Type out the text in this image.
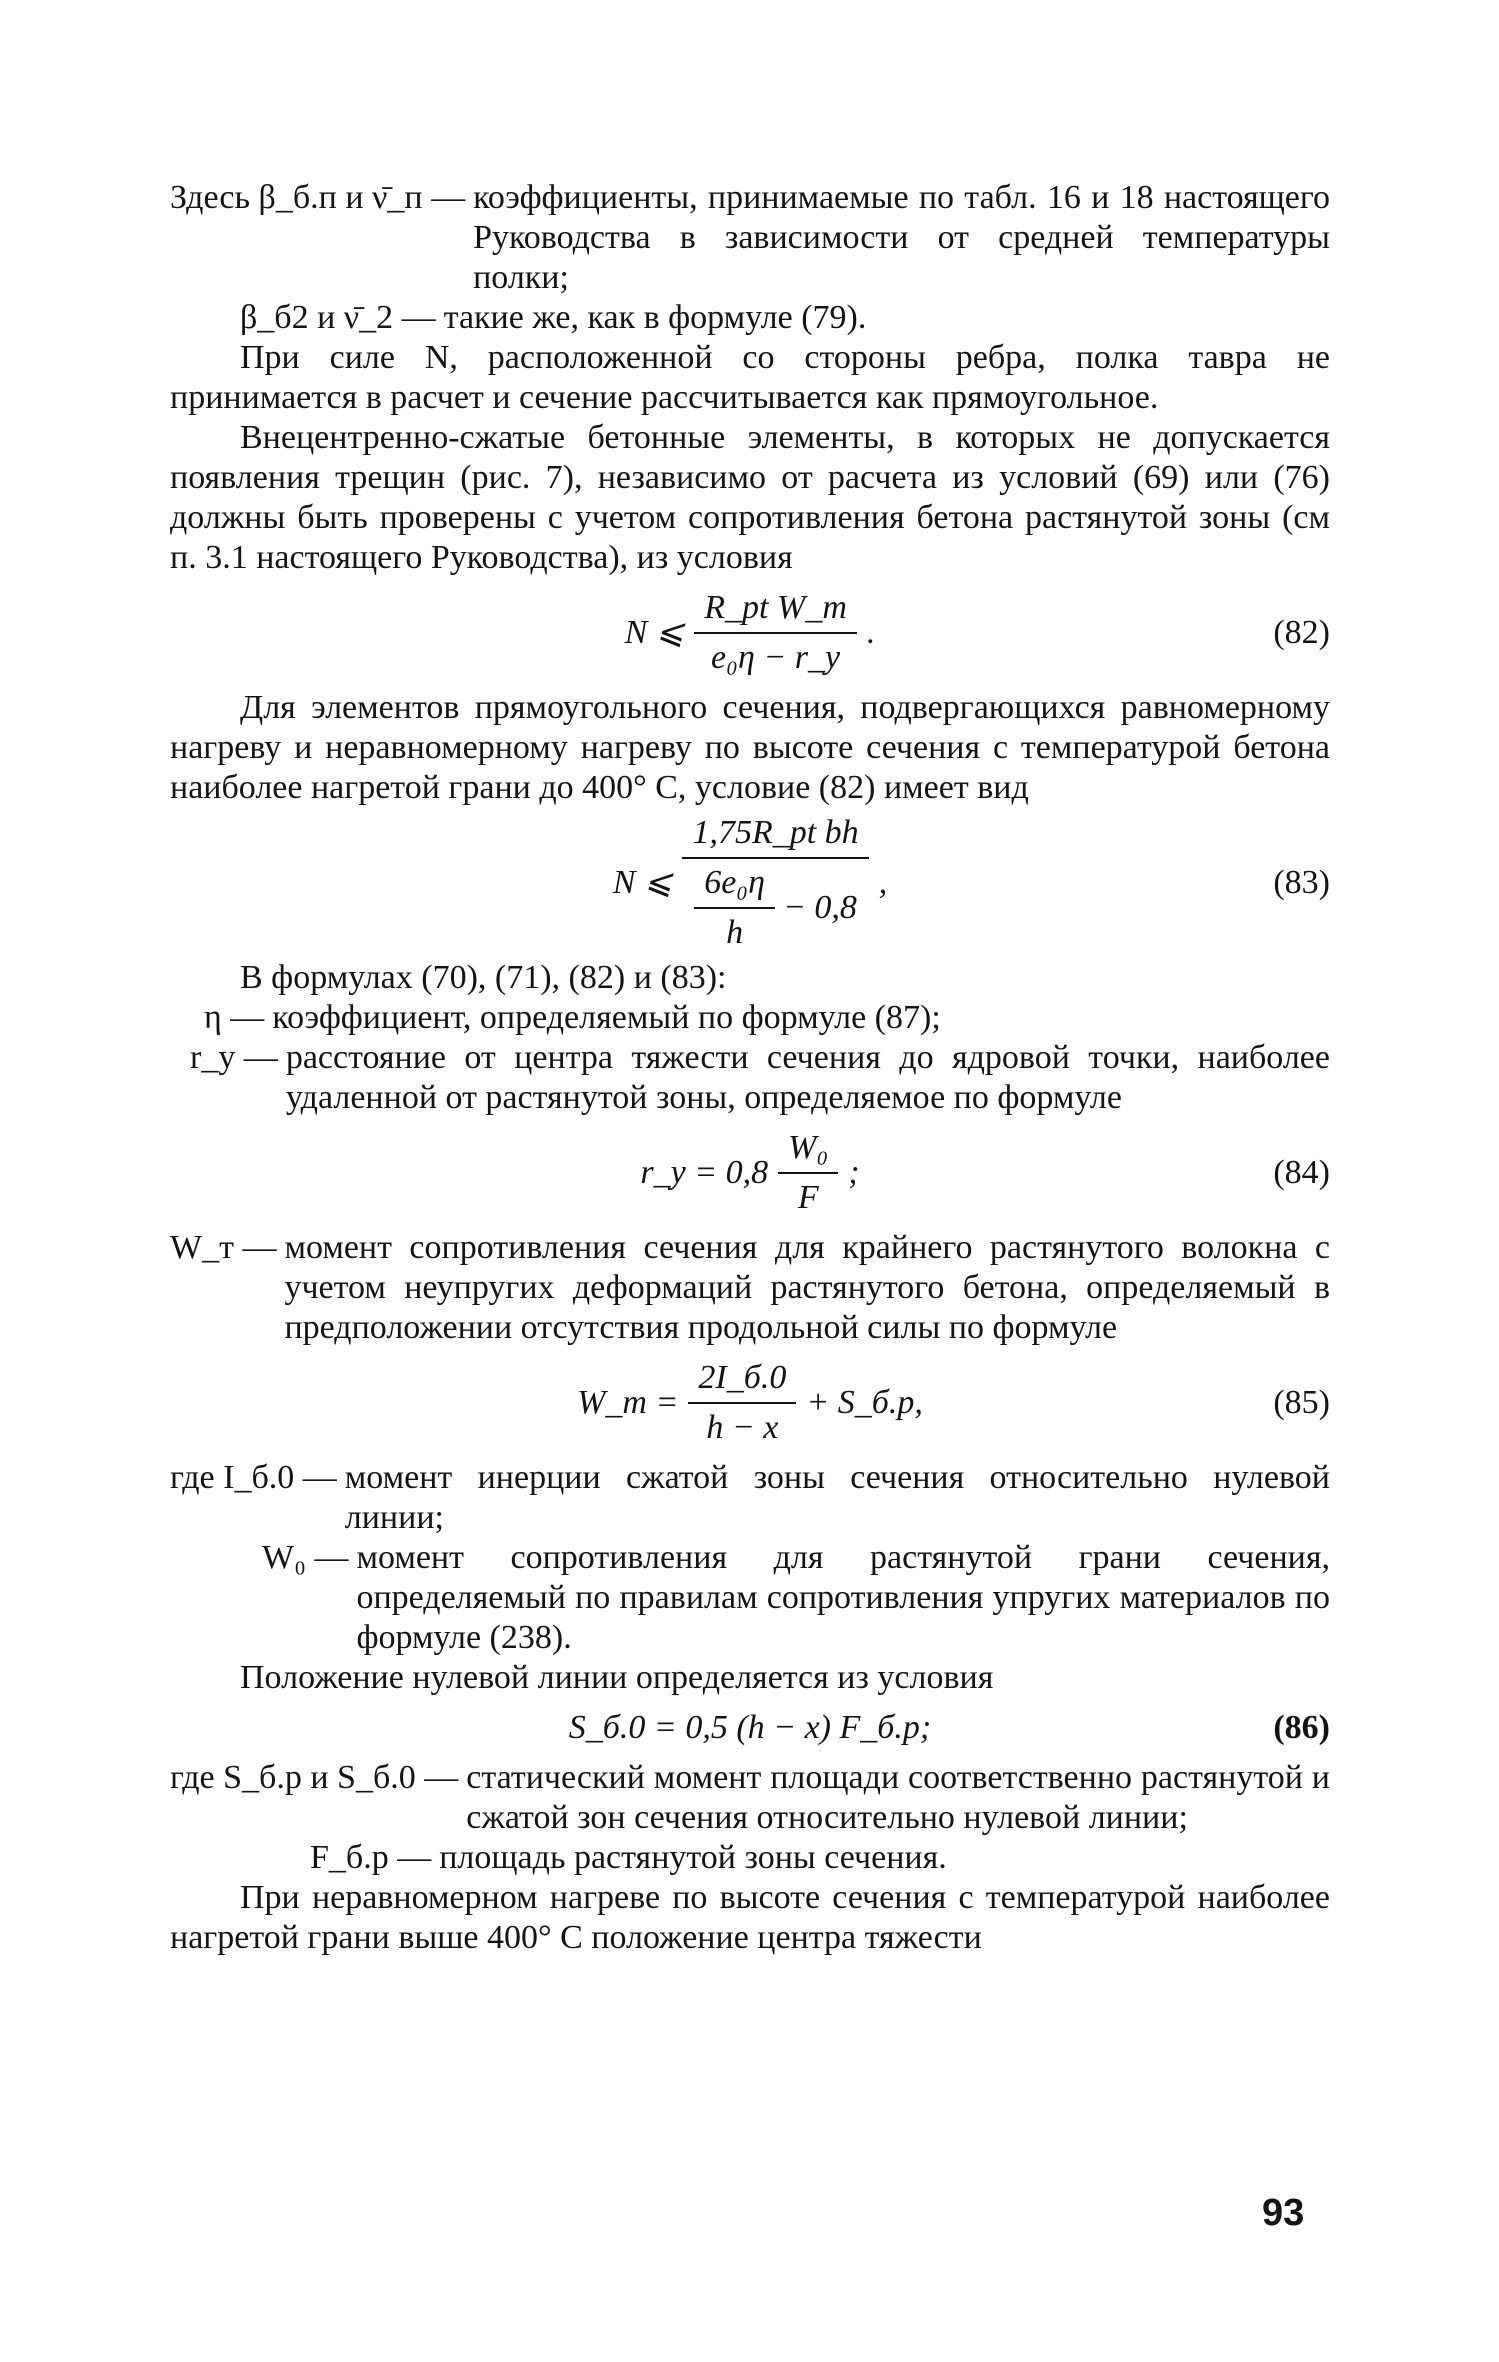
Здесь β_б.п и ν̄_п — коэффициенты, принимаемые по табл. 16 и 18 настоящего Руководства в зависимости от средней температуры полки;
β_б2 и ν̄_2 — такие же, как в формуле (79).

При силе N, расположенной со стороны ребра, полка тавра не принимается в расчет и сечение рассчитывается как прямоугольное.

Внецентренно-сжатые бетонные элементы, в которых не допускается появления трещин (рис. 7), независимо от расчета из условий (69) или (76) должны быть проверены с учетом сопротивления бетона растянутой зоны (см п. 3.1 настоящего Руководства), из условия

N ⩽ $\frac{\text{R\_pt W\_т}}{\text{e₀η − r\_y}}$ .	(82)

Для элементов прямоугольного сечения, подвергающихся равномерному нагреву и неравномерному нагреву по высоте сечения с температурой бетона наиболее нагретой грани до 400° С, условие (82) имеет вид

N ⩽ $\frac{\text{1,75R\_pt bh}}{\frac{\text{6e₀η}}{h} - 0,8}$ ,	(83)

В формулах (70), (71), (82) и (83):

η — коэффициент, определяемый по формуле (87);
r_y — расстояние от центра тяжести сечения до ядровой точки, наиболее удаленной от растянутой зоны, определяемое по формуле
r_y = $0,8 \frac{\text{W₀}}{F}$ ;	(84)
W_т — момент сопротивления сечения для крайнего растянутого волокна с учетом неупругих деформаций растянутого бетона, определяемый в предположении отсутствия продольной силы по формуле
W_т = $\frac{2I\_б.0}{h - x}$ + S_б.р,	(85)
где I_б.0 — момент инерции сжатой зоны сечения относительно нулевой линии;
W₀ — момент сопротивления для растянутой грани сечения, определяемый по правилам сопротивления упругих материалов по формуле (238).

Положение нулевой линии определяется из условия

S_б.0 = 0,5 (h − x) F_б.р;	(86)
где S_б.р и S_б.0 — статический момент площади соответственно растянутой и сжатой зон сечения относительно нулевой линии;
F_б.р — площадь растянутой зоны сечения.

При неравномерном нагреве по высоте сечения с температурой наиболее нагретой грани выше 400° С положение центра тяжести

93
